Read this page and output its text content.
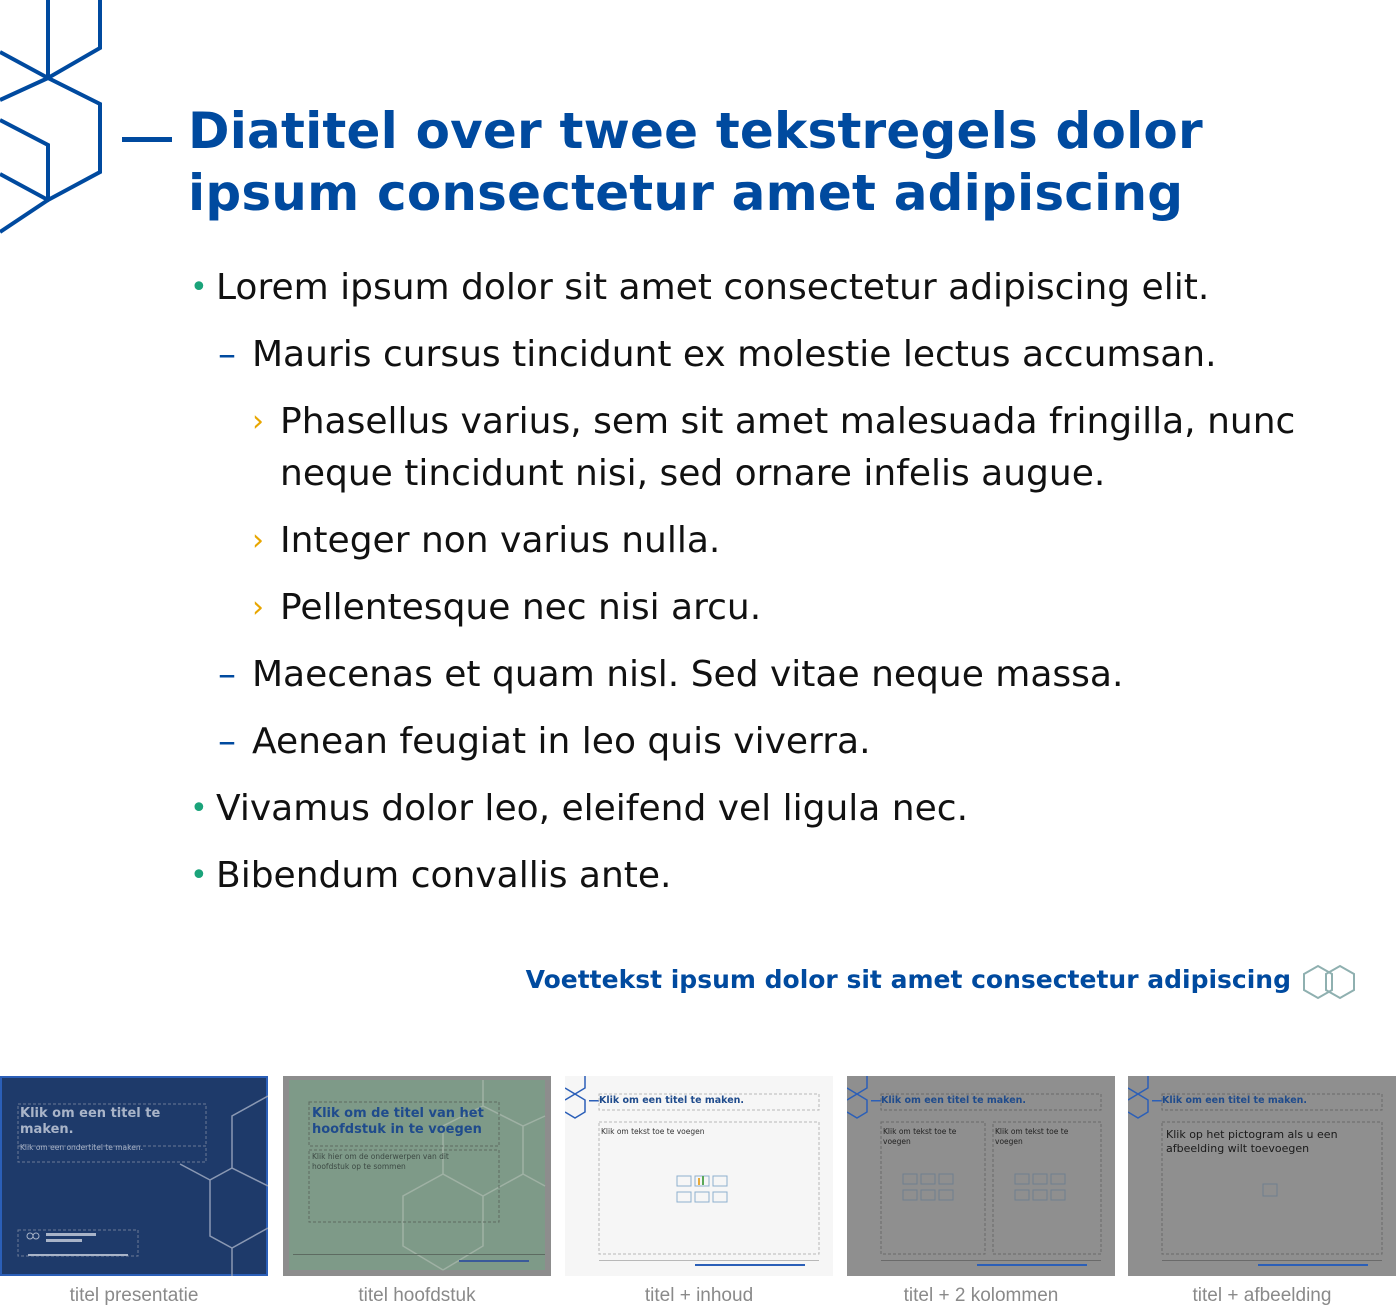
Diatitel over twee tekstregels dolor
ipsum consectetur amet adipiscing
• Lorem ipsum dolor sit amet consectetur adipiscing elit.
– Mauris cursus tincidunt ex molestie lectus accumsan.
› Phasellus varius, sem sit amet malesuada fringilla, nunc neque tincidunt nisi, sed ornare infelis augue.
› Integer non varius nulla.
› Pellentesque nec nisi arcu.
– Maecenas et quam nisl. Sed vitae neque massa.
– Aenean feugiat in leo quis viverra.
• Vivamus dolor leo, eleifend vel ligula nec.
• Bibendum convallis ante.
Voettekst ipsum dolor sit amet consectetur adipiscing
Klik om een titel te maken.
Klik om een ondertitel te maken.
titel presentatie
Klik om de titel van het hoofdstuk in te voegen
Klik hier om de onderwerpen van dit hoofdstuk op te sommen
titel hoofdstuk
Klik om een titel te maken.
Klik om tekst toe te voegen
titel + inhoud
Klik om een titel te maken.
Klik om tekst toe te voegen
Klik om tekst toe te voegen
titel + 2 kolommen
Klik om een titel te maken.
Klik op het pictogram als u een afbeelding wilt toevoegen
titel + afbeelding
